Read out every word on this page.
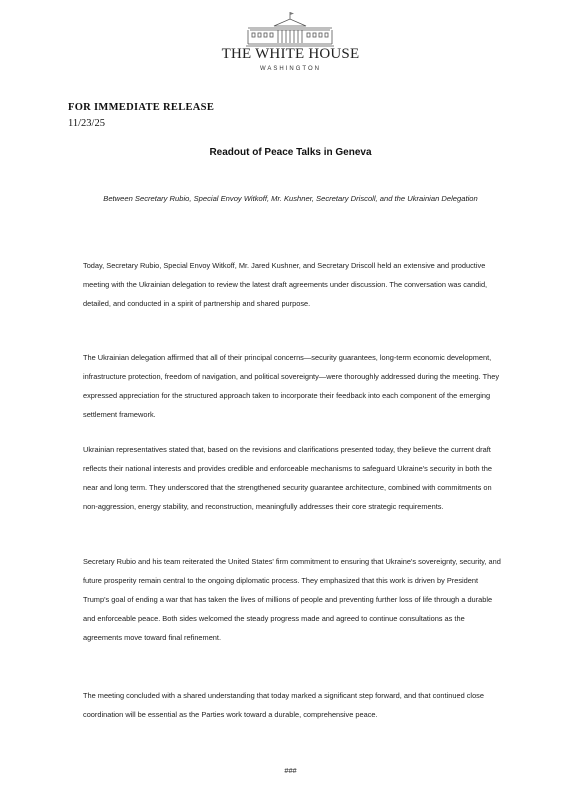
THE WHITE HOUSE
WASHINGTON
FOR IMMEDIATE RELEASE
11/23/25
Readout of Peace Talks in Geneva
Between Secretary Rubio, Special Envoy Witkoff, Mr. Kushner, Secretary Driscoll, and the Ukrainian Delegation

Today, Secretary Rubio, Special Envoy Witkoff, Mr. Jared Kushner, and Secretary Driscoll held an extensive and productive meeting with the Ukrainian delegation to review the latest draft agreements under discussion. The conversation was candid, detailed, and conducted in a spirit of partnership and shared purpose.

The Ukrainian delegation affirmed that all of their principal concerns—security guarantees, long-term economic development, infrastructure protection, freedom of navigation, and political sovereignty—were thoroughly addressed during the meeting. They expressed appreciation for the structured approach taken to incorporate their feedback into each component of the emerging settlement framework.

Ukrainian representatives stated that, based on the revisions and clarifications presented today, they believe the current draft reflects their national interests and provides credible and enforceable mechanisms to safeguard Ukraine's security in both the near and long term. They underscored that the strengthened security guarantee architecture, combined with commitments on non-aggression, energy stability, and reconstruction, meaningfully addresses their core strategic requirements.

Secretary Rubio and his team reiterated the United States' firm commitment to ensuring that Ukraine's sovereignty, security, and future prosperity remain central to the ongoing diplomatic process. They emphasized that this work is driven by President Trump's goal of ending a war that has taken the lives of millions of people and preventing further loss of life through a durable and enforceable peace. Both sides welcomed the steady progress made and agreed to continue consultations as the agreements move toward final refinement.

The meeting concluded with a shared understanding that today marked a significant step forward, and that continued close coordination will be essential as the Parties work toward a durable, comprehensive peace.

###
